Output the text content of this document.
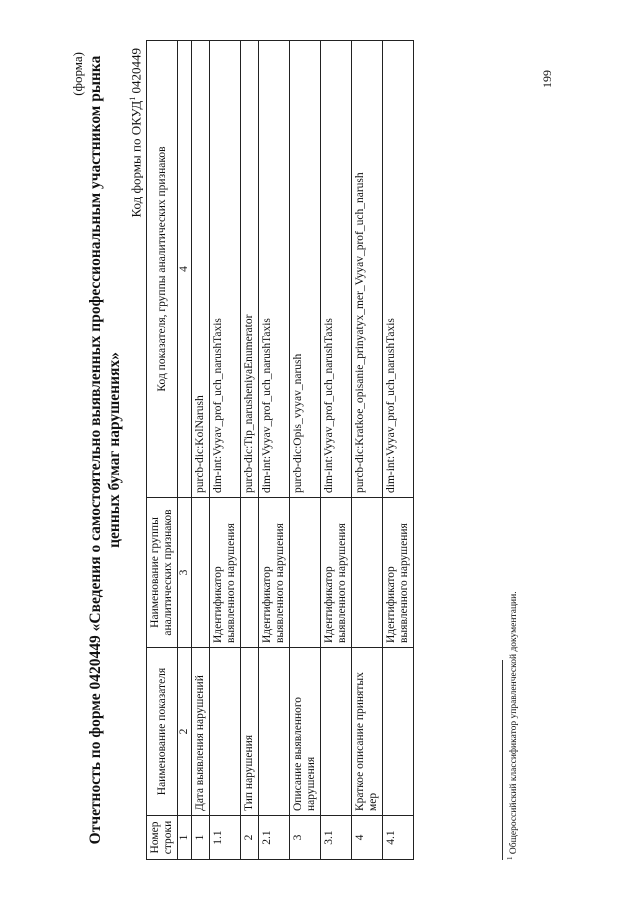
(форма) Отчетность по форме 0420449 «Сведения о самостоятельно выявленных профессиональным участником рынка ценных бумаг нарушениях»
Код формы по ОКУД$^1$ 0420449
Номер строки	Наименование показателя	Наименование группы аналитических признаков	Код показателя, группы аналитических признаков
1	2	3	4
1	Дата выявления нарушений		purcb-dic:KolNarush
1.1		Идентификатор выявленного нарушения	dim-int:Vyyav_prof_uch_narushTaxis
2	Тип нарушения		purcb-dic:Tip_narusheniyaEnumerator
2.1		Идентификатор выявленного нарушения	dim-int:Vyyav_prof_uch_narushTaxis
3	Описание выявленного нарушения		purcb-dic:Opis_vyyav_narush
3.1		Идентификатор выявленного нарушения	dim-int:Vyyav_prof_uch_narushTaxis
4	Краткое описание принятых мер		purcb-dic:Kratkoe_opisanie_prinyatyx_mer_Vyyav_prof_uch_narush
4.1		Идентификатор выявленного нарушения	dim-int:Vyyav_prof_uch_narushTaxis
$^1$ Общероссийский классификатор управленческой документации.
199
